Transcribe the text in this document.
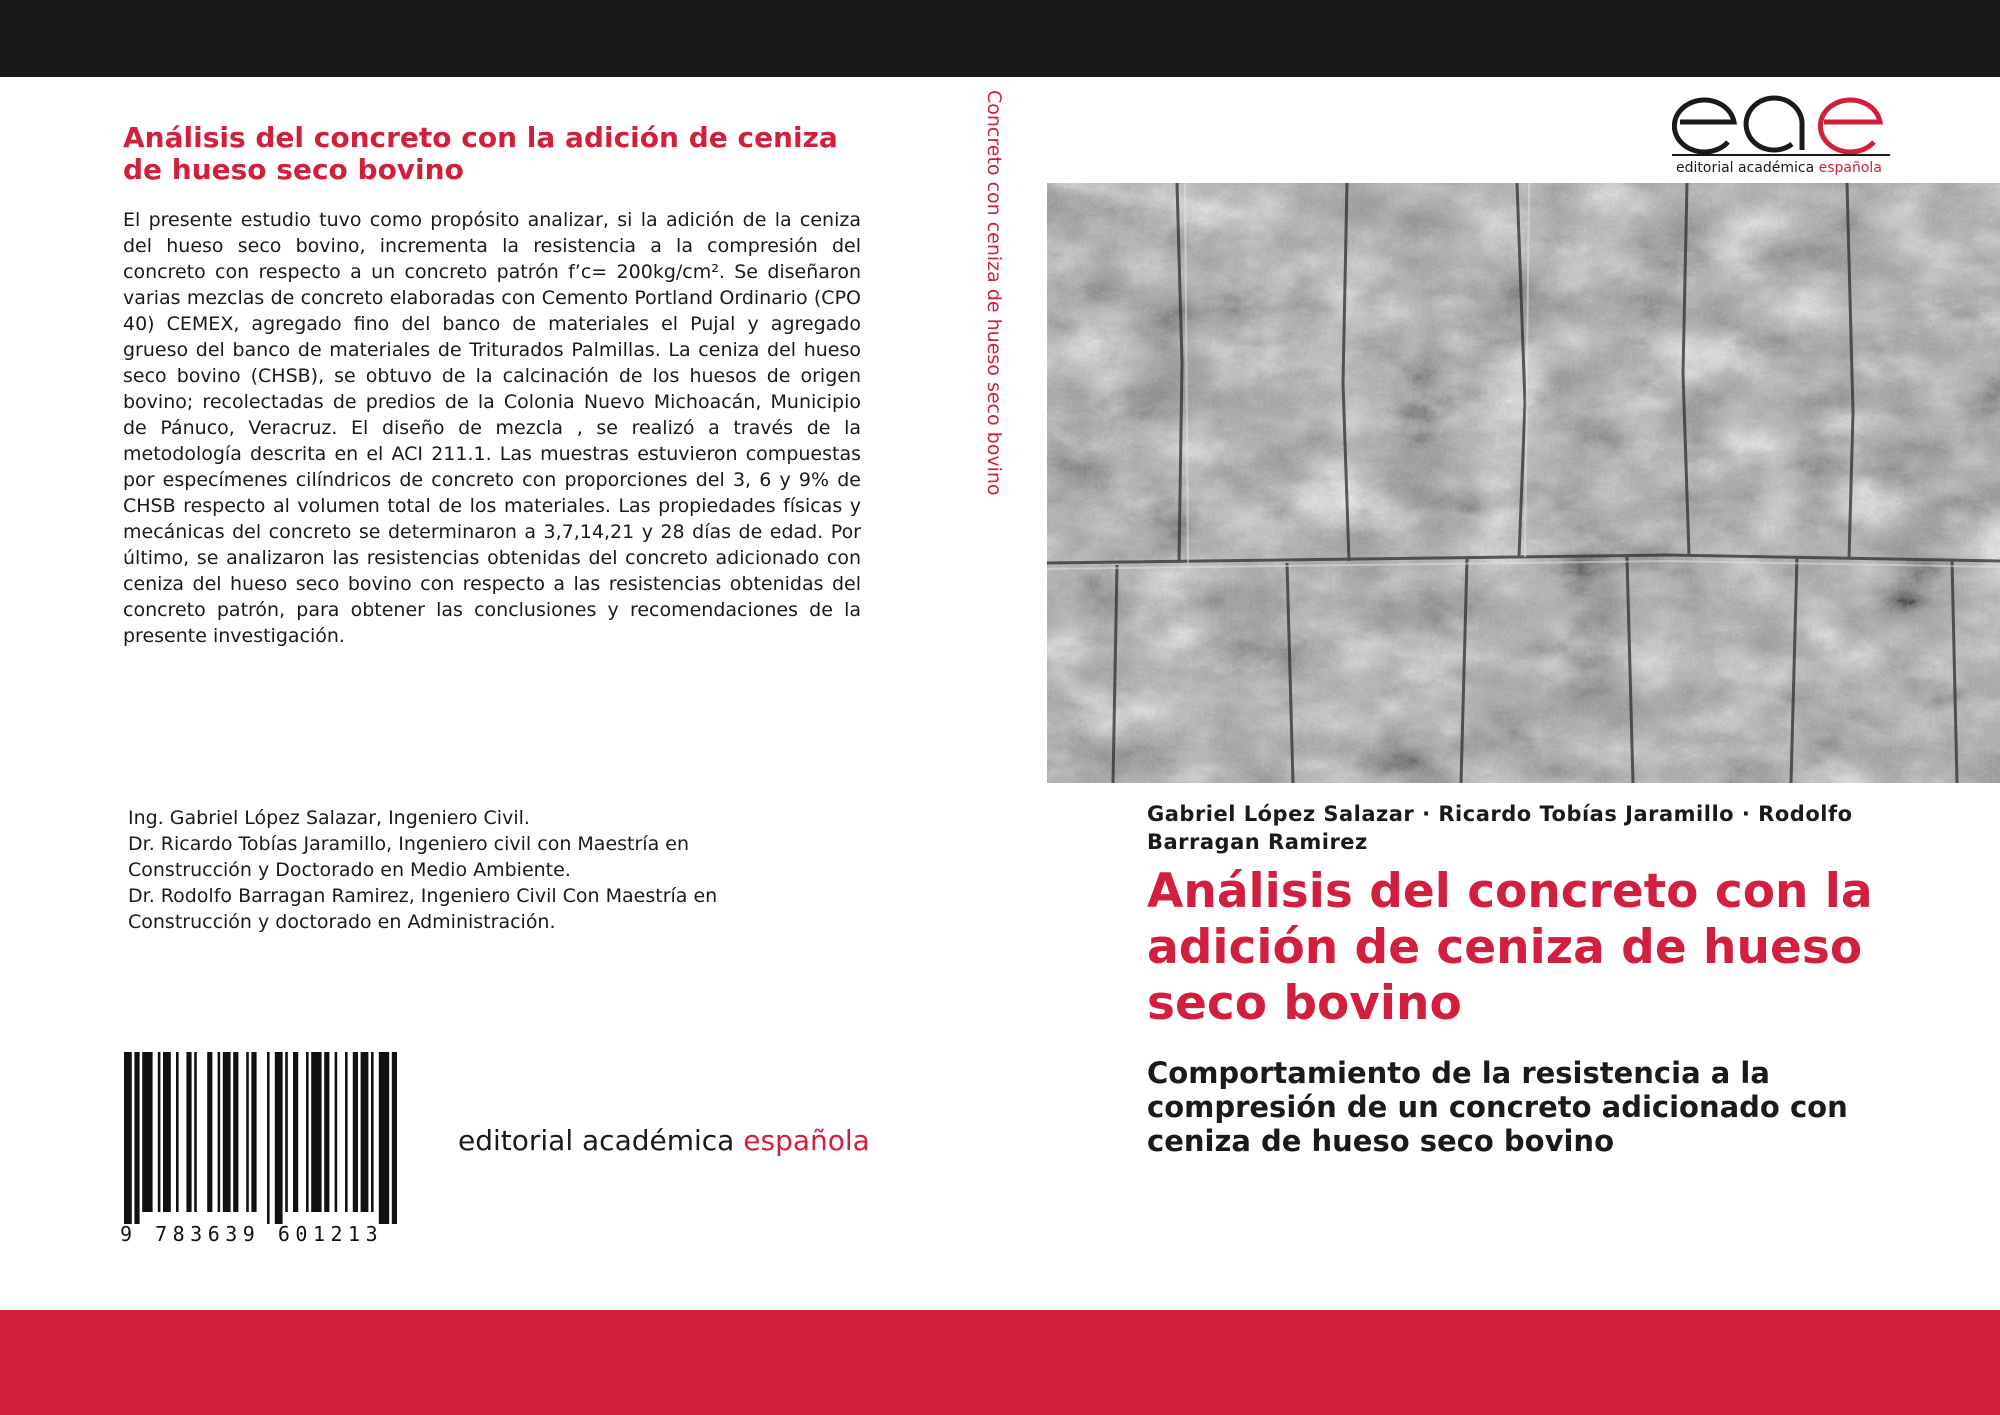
Análisis del concreto con la adición de ceniza de hueso seco bovino

El presente estudio tuvo como propósito analizar, si la adición de la ceniza del hueso seco bovino, incrementa la resistencia a la compresión del concreto con respecto a un concreto patrón f’c= 200kg/cm². Se diseñaron varias mezclas de concreto elaboradas con Cemento Portland Ordinario (CPO 40) CEMEX, agregado fino del banco de materiales el Pujal y agregado grueso del banco de materiales de Triturados Palmillas. La ceniza del hueso seco bovino (CHSB), se obtuvo de la calcinación de los huesos de origen bovino; recolectadas de predios de la Colonia Nuevo Michoacán, Municipio de Pánuco, Veracruz. El diseño de mezcla , se realizó a través de la metodología descrita en el ACI 211.1. Las muestras estuvieron compuestas por especímenes cilíndricos de concreto con proporciones del 3, 6 y 9% de CHSB respecto al volumen total de los materiales. Las propiedades físicas y mecánicas del concreto se determinaron a 3,7,14,21 y 28 días de edad. Por último, se analizaron las resistencias obtenidas del concreto adicionado con ceniza del hueso seco bovino con respecto a las resistencias obtenidas del concreto patrón, para obtener las conclusiones y recomendaciones de la presente investigación.

Ing. Gabriel López Salazar, Ingeniero Civil.
Dr. Ricardo Tobías Jaramillo, Ingeniero civil con Maestría en
Construcción y Doctorado en Medio Ambiente.
Dr. Rodolfo Barragan Ramirez, Ingeniero Civil Con Maestría en
Construcción y doctorado en Administración.
9 783639 601213
editorial académica española
Concreto con ceniza de hueso seco bovino	editorial académica española

Gabriel López Salazar · Ricardo Tobías Jaramillo · Rodolfo Barragan Ramirez

Análisis del concreto con la adición de ceniza de hueso seco bovino
Comportamiento de la resistencia a la compresión de un concreto adicionado con ceniza de hueso seco bovino
